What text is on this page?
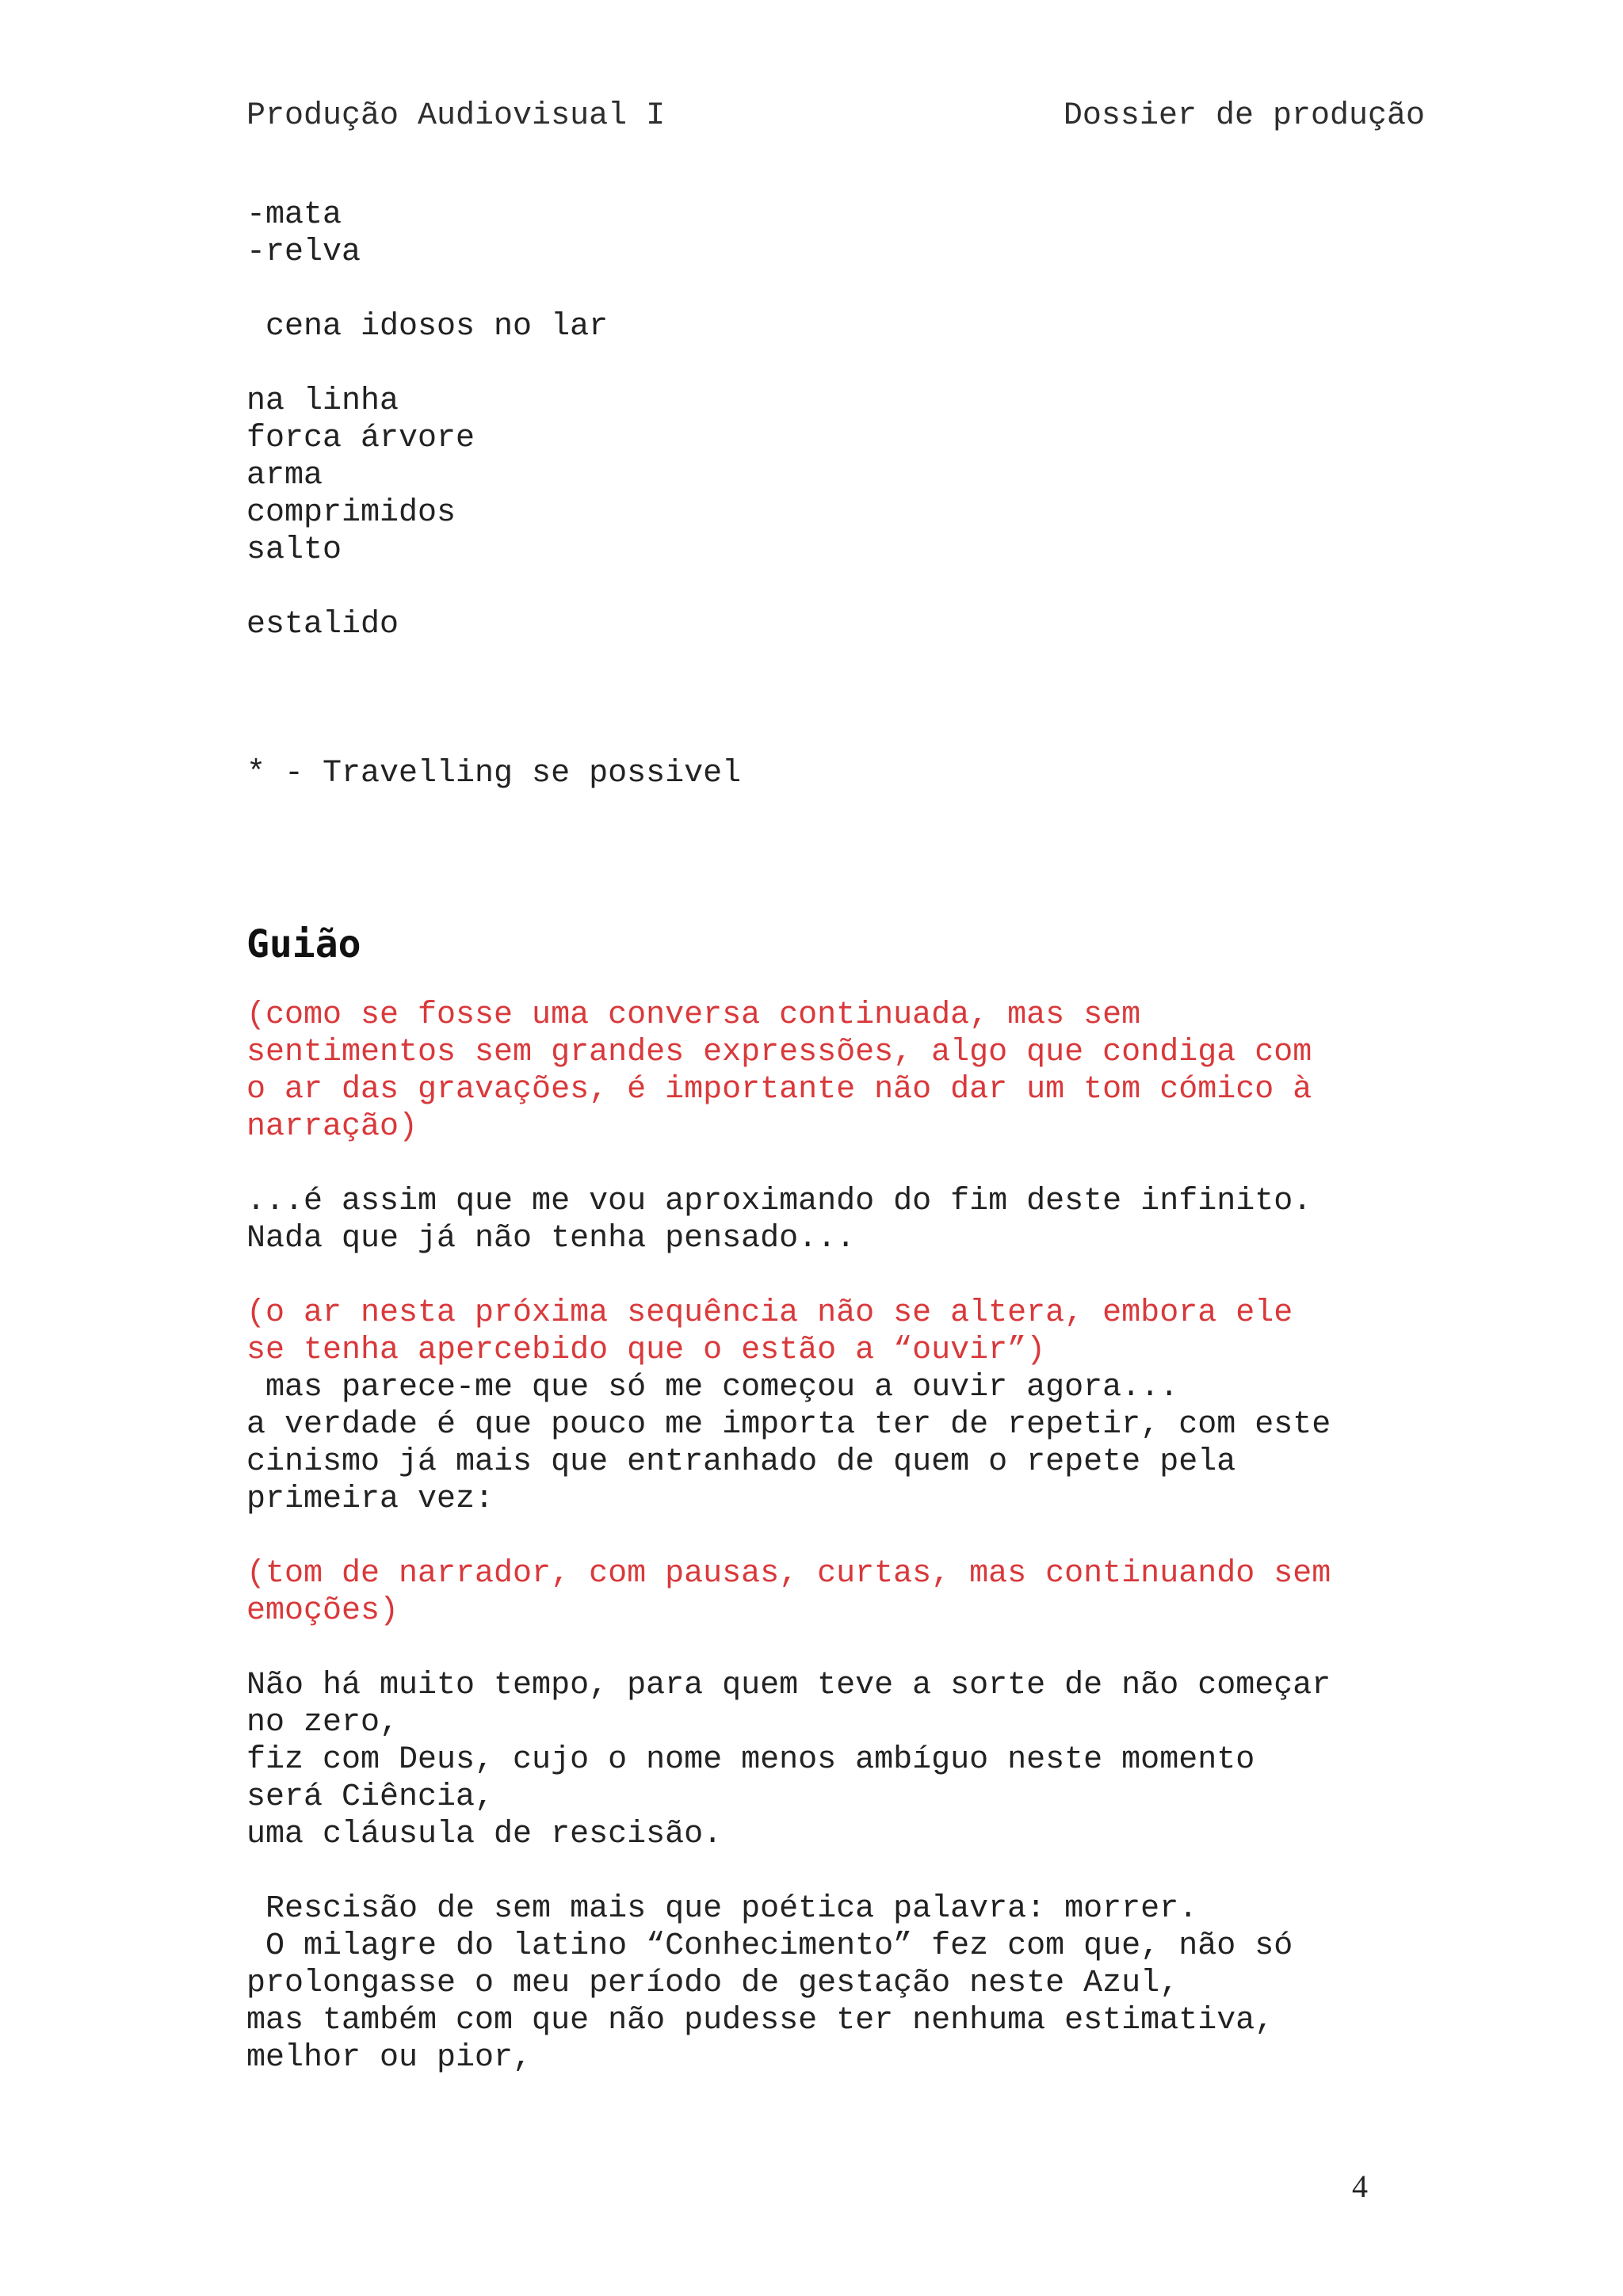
Produção Audiovisual I	Dossier de produção
-mata
-relva
cena idosos no lar
na linha
forca árvore
arma
comprimidos
salto
estalido
* - Travelling se possivel
Guião
(como se fosse uma conversa continuada, mas sem
sentimentos sem grandes expressões, algo que condiga com
o ar das gravações, é importante não dar um tom cómico à
narração)
...é assim que me vou aproximando do fim deste infinito.
Nada que já não tenha pensado...
(o ar nesta próxima sequência não se altera, embora ele
se tenha apercebido que o estão a “ouvir”)
mas parece-me que só me começou a ouvir agora...
a verdade é que pouco me importa ter de repetir, com este
cinismo já mais que entranhado de quem o repete pela
primeira vez:
(tom de narrador, com pausas, curtas, mas continuando sem
emoções)
Não há muito tempo, para quem teve a sorte de não começar
no zero,
fiz com Deus, cujo o nome menos ambíguo neste momento
será Ciência,
uma cláusula de rescisão.
Rescisão de sem mais que poética palavra: morrer.
O milagre do latino “Conhecimento” fez com que, não só
prolongasse o meu período de gestação neste Azul,
mas também com que não pudesse ter nenhuma estimativa,
melhor ou pior,
4
